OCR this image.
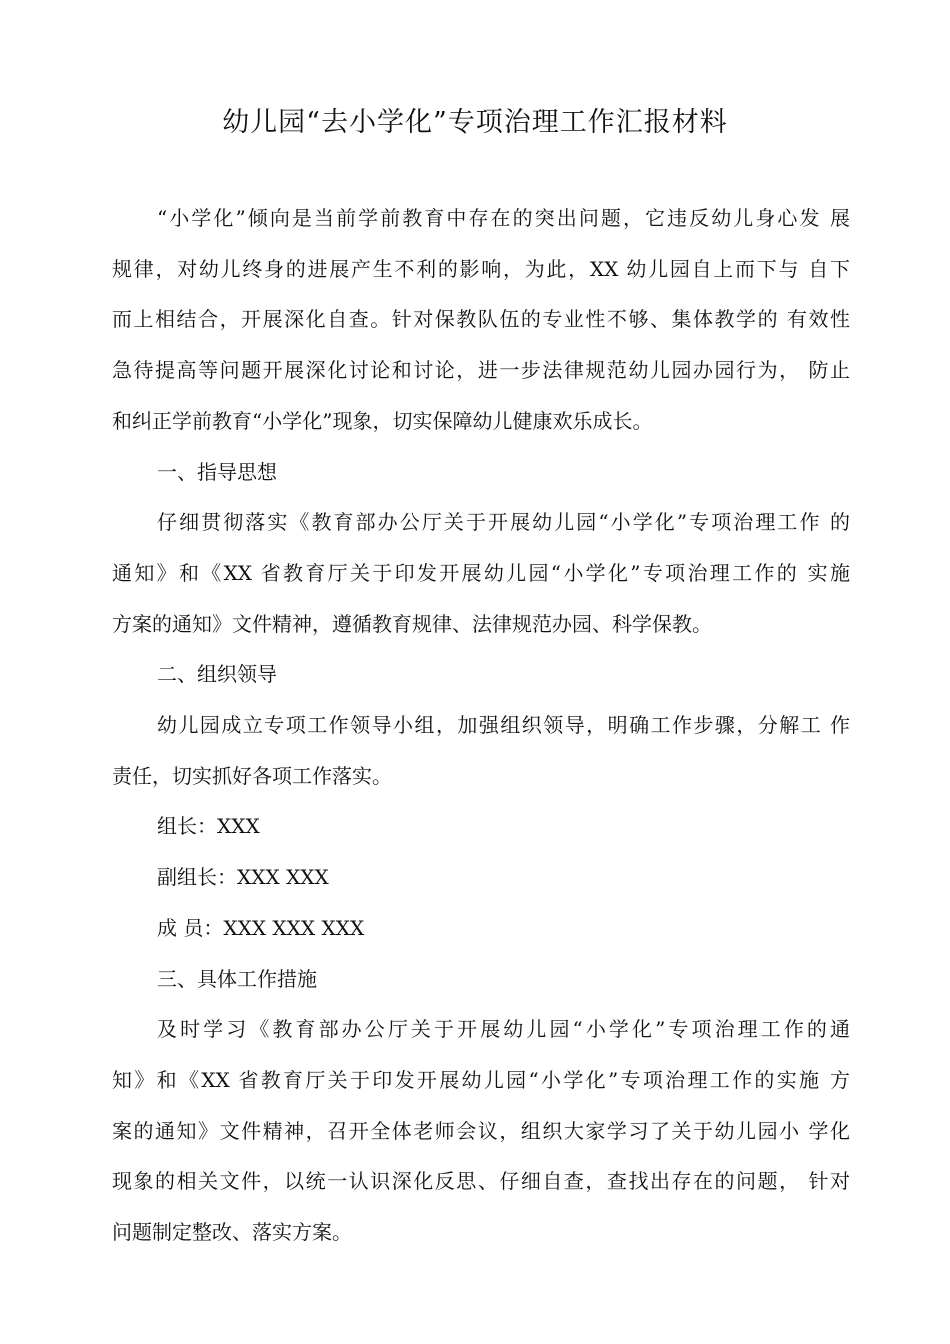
幼儿园“去小学化”专项治理工作汇报材料

“小学化”倾向是当前学前教育中存在的突出问题，它违反幼儿身心发 展
规律，对幼儿终身的进展产生不利的影响，为此，XX 幼儿园自上而下与 自下
而上相结合，开展深化自查。针对保教队伍的专业性不够、集体教学的 有效性
急待提高等问题开展深化讨论和讨论，进一步法律规范幼儿园办园行为， 防止
和纠正学前教育“小学化”现象，切实保障幼儿健康欢乐成长。

一、指导思想

仔细贯彻落实《教育部办公厅关于开展幼儿园“小学化”专项治理工作 的
通知》和《XX 省教育厅关于印发开展幼儿园“小学化”专项治理工作的 实施
方案的通知》文件精神，遵循教育规律、法律规范办园、科学保教。

二、组织领导

幼儿园成立专项工作领导小组，加强组织领导，明确工作步骤，分解工 作
责任，切实抓好各项工作落实。

组长：XXX

副组长：XXX XXX

成 员：XXX XXX XXX

三、具体工作措施

及时学习《教育部办公厅关于开展幼儿园“小学化”专项治理工作的通
知》和《XX 省教育厅关于印发开展幼儿园“小学化”专项治理工作的实施 方
案的通知》文件精神，召开全体老师会议，组织大家学习了关于幼儿园小 学化
现象的相关文件，以统一认识深化反思、仔细自查，查找出存在的问题， 针对
问题制定整改、落实方案。
